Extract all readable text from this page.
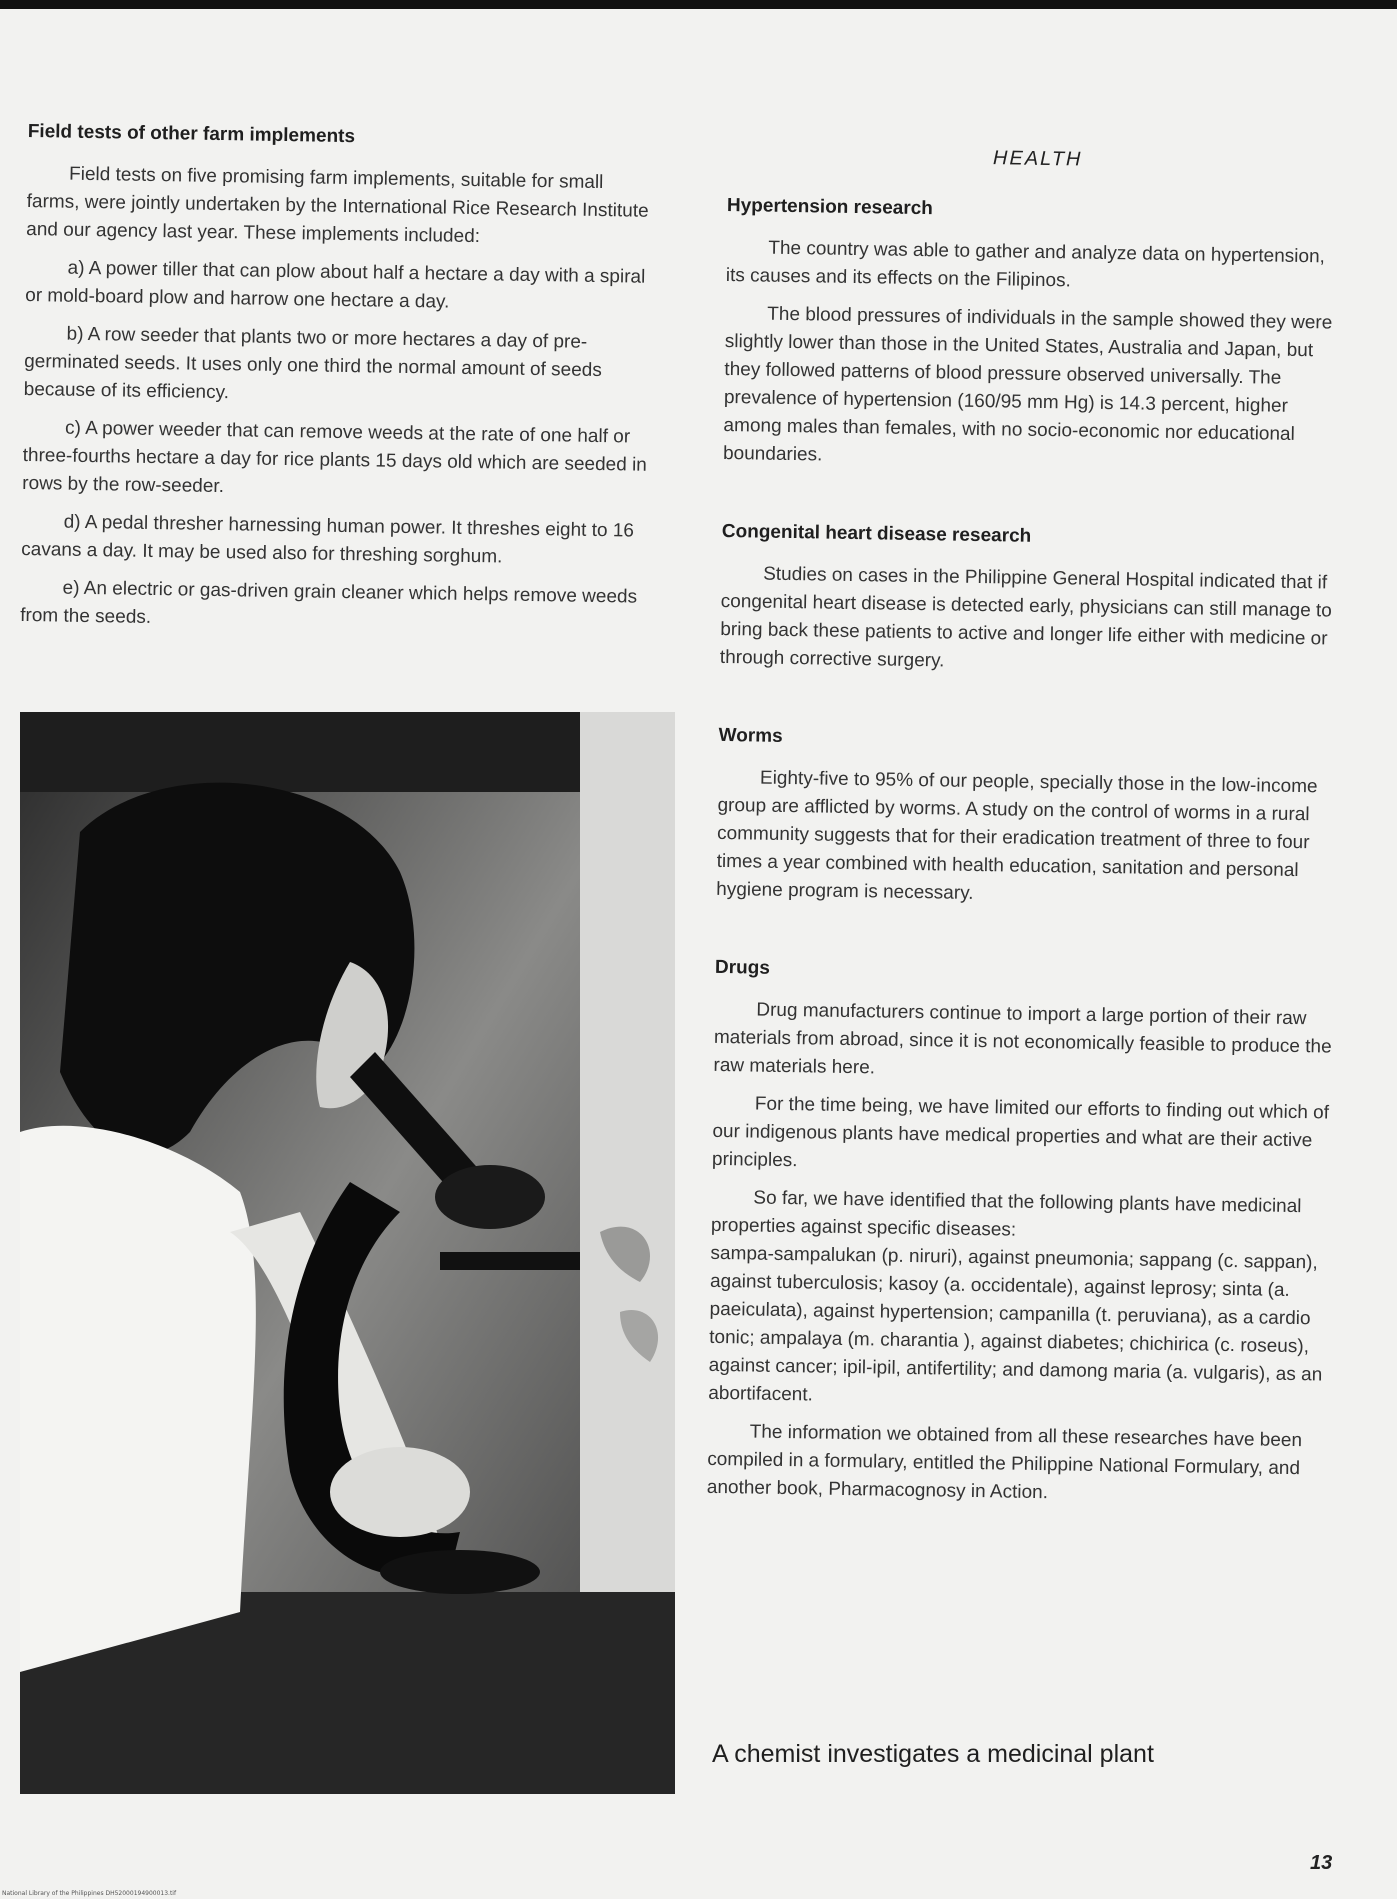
Field tests of other farm implements

Field tests on five promising farm implements, suitable for small farms, were jointly undertaken by the International Rice Research Institute and our agency last year. These implements included:

a) A power tiller that can plow about half a hectare a day with a spiral or mold-board plow and harrow one hectare a day.

b) A row seeder that plants two or more hectares a day of pre-germinated seeds. It uses only one third the normal amount of seeds because of its efficiency.

c) A power weeder that can remove weeds at the rate of one half or three-fourths hectare a day for rice plants 15 days old which are seeded in rows by the row-seeder.

d) A pedal thresher harnessing human power. It threshes eight to 16 cavans a day. It may be used also for threshing sorghum.

e) An electric or gas-driven grain cleaner which helps remove weeds from the seeds.

HEALTH
Hypertension research

The country was able to gather and analyze data on hypertension, its causes and its effects on the Filipinos.

The blood pressures of individuals in the sample showed they were slightly lower than those in the United States, Australia and Japan, but they followed patterns of blood pressure observed universally. The prevalence of hypertension (160/95 mm Hg) is 14.3 percent, higher among males than females, with no socio-economic nor educational boundaries.

Congenital heart disease research

Studies on cases in the Philippine General Hospital indicated that if congenital heart disease is detected early, physicians can still manage to bring back these patients to active and longer life either with medicine or through corrective surgery.

Worms

Eighty-five to 95% of our people, specially those in the low-income group are afflicted by worms. A study on the control of worms in a rural community suggests that for their eradication treatment of three to four times a year combined with health education, sanitation and personal hygiene program is necessary.

Drugs

Drug manufacturers continue to import a large portion of their raw materials from abroad, since it is not economically feasible to produce the raw materials here.

For the time being, we have limited our efforts to finding out which of our indigenous plants have medical properties and what are their active principles.

So far, we have identified that the following plants have medicinal properties against specific diseases:

sampa-sampalukan (p. niruri), against pneumonia; sappang (c. sappan), against tuberculosis; kasoy (a. occidentale), against leprosy; sinta (a. paeiculata), against hypertension; campanilla (t. peruviana), as a cardio tonic; ampalaya (m. charantia ), against diabetes; chichirica (c. roseus), against cancer; ipil-ipil, antifertility; and damong maria (a. vulgaris), as an abortifacent.

The information we obtained from all these researches have been compiled in a formulary, entitled the Philippine National Formulary, and another book, Pharmacognosy in Action.

A chemist investigates a medicinal plant
13
National Library of the Philippines DH52000194900013.tif
